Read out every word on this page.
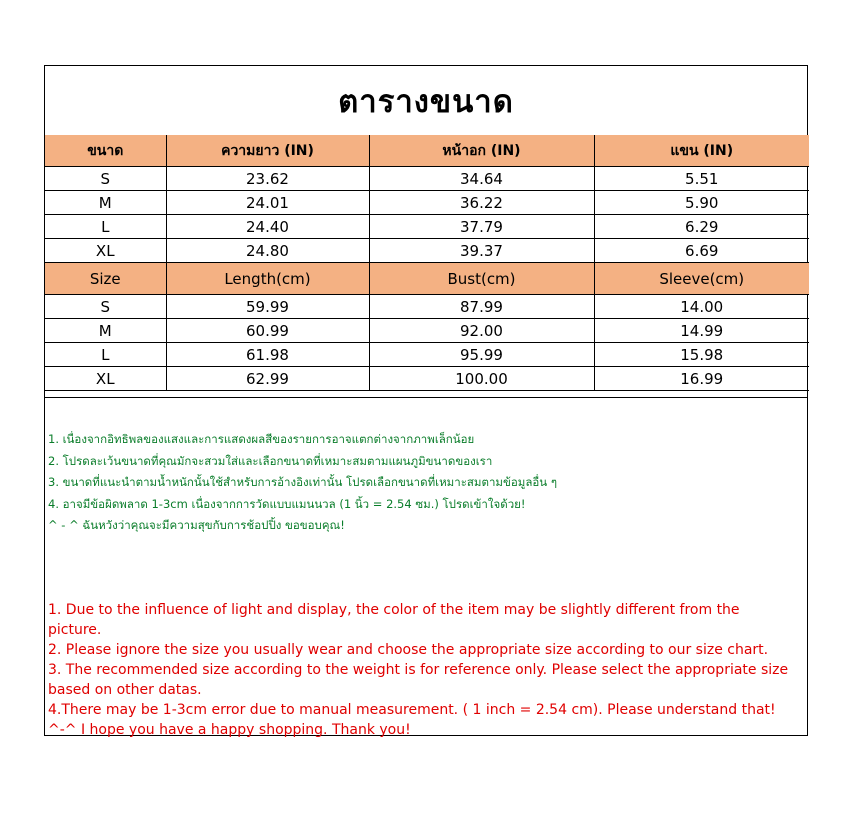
ตารางขนาด
ขนาด	ความยาว (IN)	หน้าอก (IN)	แขน (IN)
S	23.62	34.64	5.51
M	24.01	36.22	5.90
L	24.40	37.79	6.29
XL	24.80	39.37	6.69
Size	Length(cm)	Bust(cm)	Sleeve(cm)
S	59.99	87.99	14.00
M	60.99	92.00	14.99
L	61.98	95.99	15.98
XL	62.99	100.00	16.99
1. เนื่องจากอิทธิพลของแสงและการแสดงผลสีของรายการอาจแตกต่างจากภาพเล็กน้อย
2. โปรดละเว้นขนาดที่คุณมักจะสวมใส่และเลือกขนาดที่เหมาะสมตามแผนภูมิขนาดของเรา
3. ขนาดที่แนะนำตามน้ำหนักนั้นใช้สำหรับการอ้างอิงเท่านั้น โปรดเลือกขนาดที่เหมาะสมตามข้อมูลอื่น ๆ
4. อาจมีข้อผิดพลาด 1-3cm เนื่องจากการวัดแบบแมนนวล (1 นิ้ว = 2.54 ซม.) โปรดเข้าใจด้วย!
^ - ^ ฉันหวังว่าคุณจะมีความสุขกับการช้อปปิ้ง ขอขอบคุณ!
1. Due to the influence of light and display, the color of the item may be slightly different from the picture.
2. Please ignore the size you usually wear and choose the appropriate size according to our size chart.
3. The recommended size according to the weight is for reference only. Please select the appropriate size based on other datas.
4.There may be 1-3cm error due to manual measurement. ( 1 inch = 2.54 cm). Please understand that!
^-^ I hope you have a happy shopping. Thank you!
